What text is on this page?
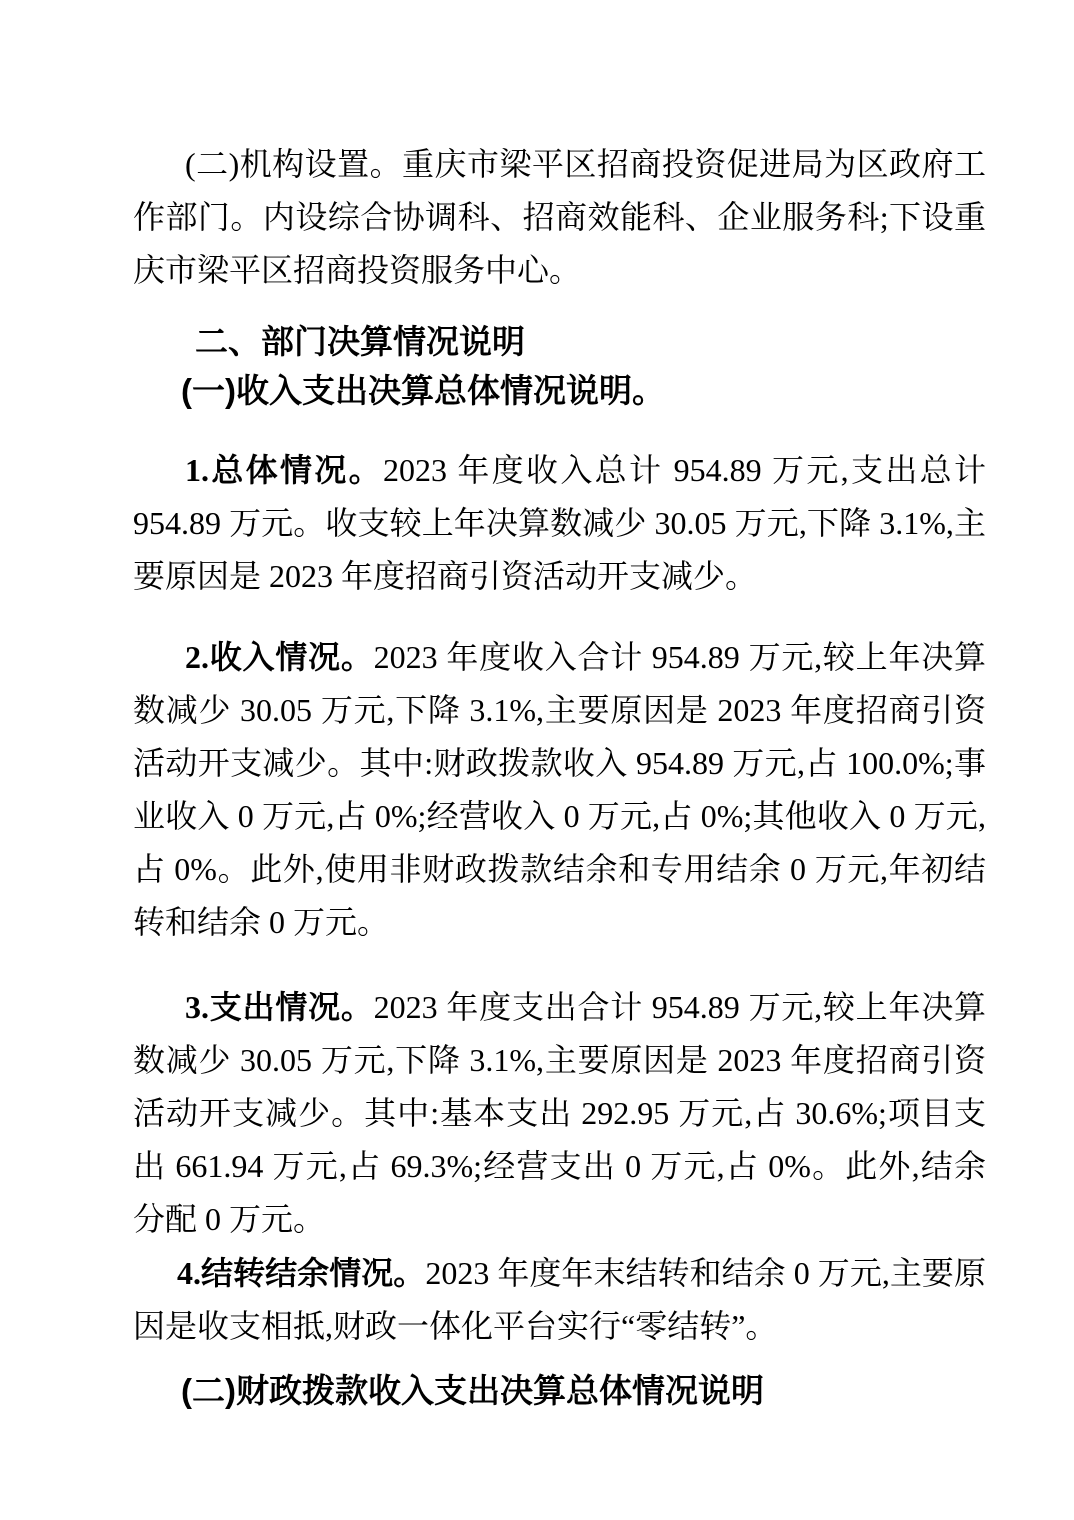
(二)机构设置。重庆市梁平区招商投资促进局为区政府工作部门。内设综合协调科、招商效能科、企业服务科;下设重庆市梁平区招商投资服务中心。

二、部门决算情况说明
(一)收入支出决算总体情况说明。

1.总体情况。2023 年度收入总计 954.89 万元,支出总计 954.89 万元。收支较上年决算数减少 30.05 万元,下降 3.1%,主要原因是 2023 年度招商引资活动开支减少。

2.收入情况。2023 年度收入合计 954.89 万元,较上年决算数减少 30.05 万元,下降 3.1%,主要原因是 2023 年度招商引资活动开支减少。其中:财政拨款收入 954.89 万元,占 100.0%;事业收入 0 万元,占 0%;经营收入 0 万元,占 0%;其他收入 0 万元,占 0%。此外,使用非财政拨款结余和专用结余 0 万元,年初结转和结余 0 万元。

3.支出情况。2023 年度支出合计 954.89 万元,较上年决算数减少 30.05 万元,下降 3.1%,主要原因是 2023 年度招商引资活动开支减少。其中:基本支出 292.95 万元,占 30.6%;项目支出 661.94 万元,占 69.3%;经营支出 0 万元,占 0%。此外,结余分配 0 万元。

4.结转结余情况。2023 年度年末结转和结余 0 万元,主要原因是收支相抵,财政一体化平台实行“零结转”。

(二)财政拨款收入支出决算总体情况说明
